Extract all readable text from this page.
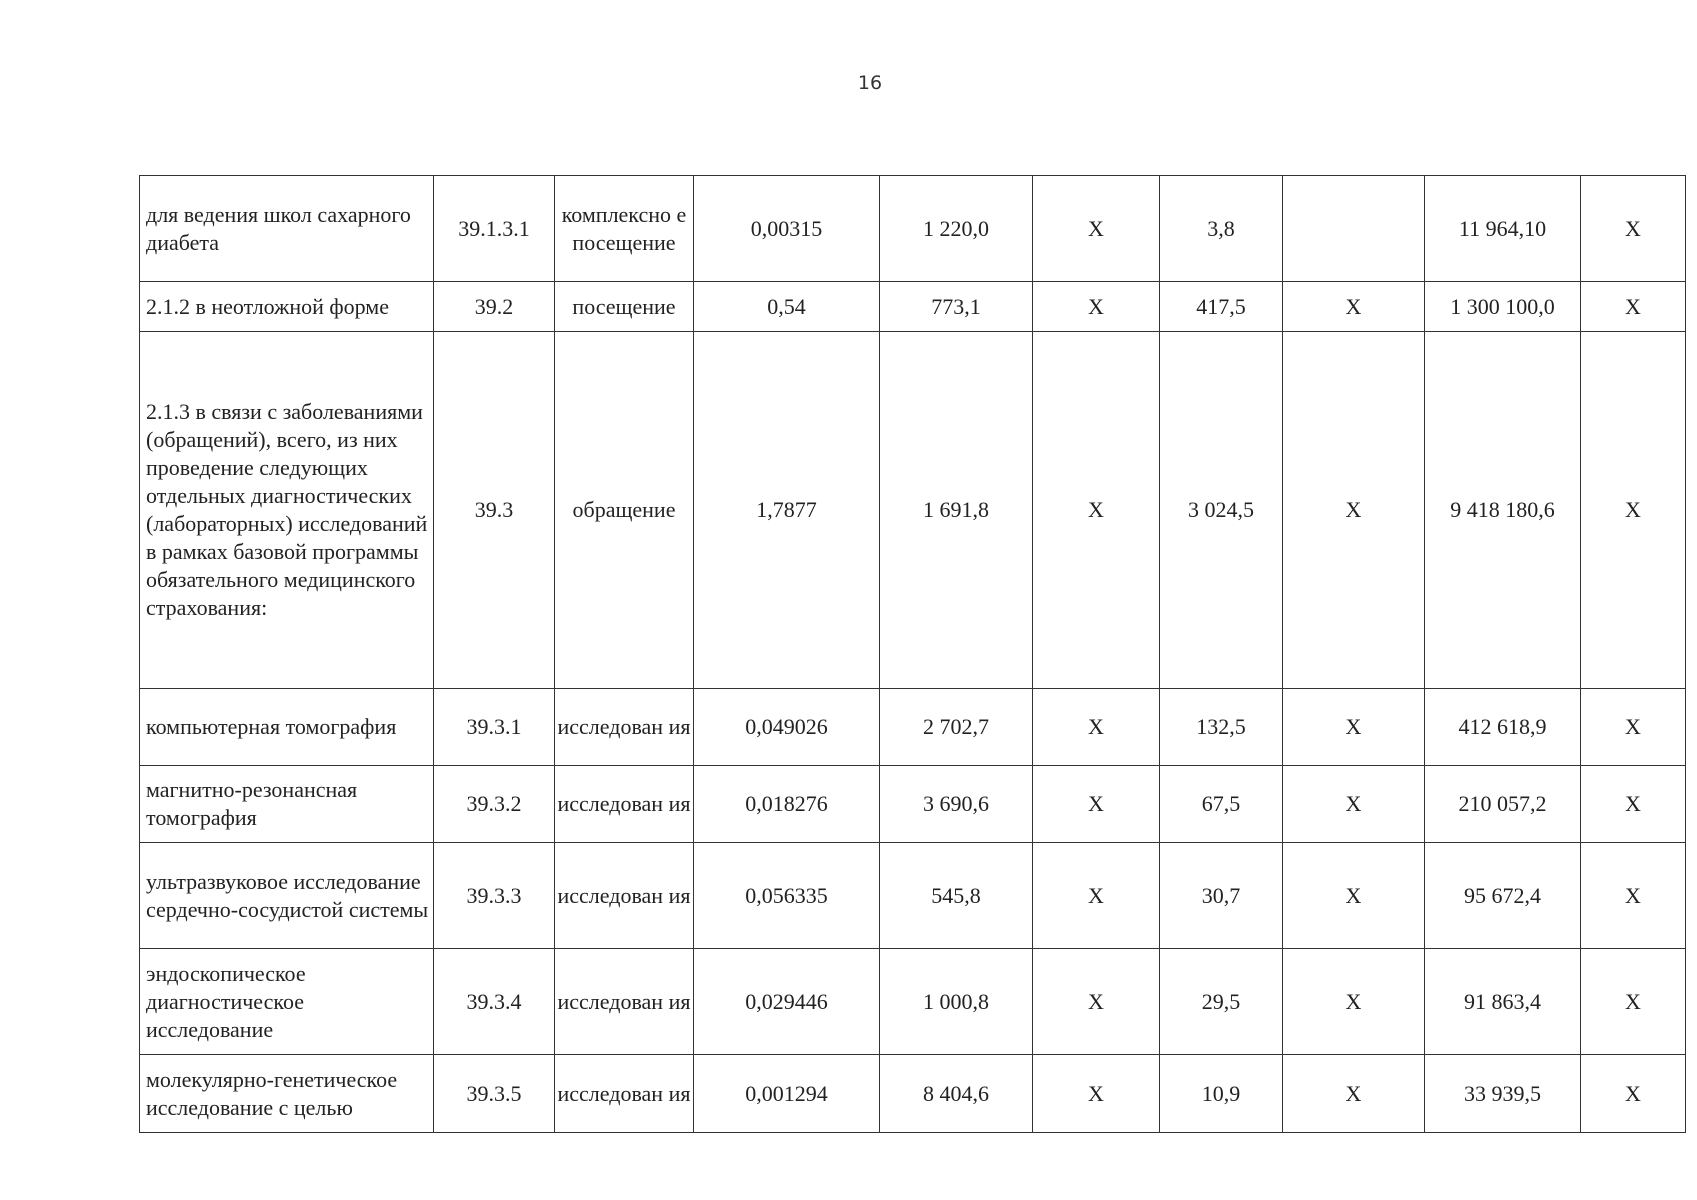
16
для ведения школ сахарного диабета	39.1.3.1	комплексно е посещение	0,00315	1 220,0	X	3,8		11 964,10	X
2.1.2 в неотложной форме	39.2	посещение	0,54	773,1	X	417,5	X	1 300 100,0	X
2.1.3 в связи с заболеваниями (обращений), всего, из них проведение следующих отдельных диагностических (лабораторных) исследований в рамках базовой программы обязательного медицинского страхования:	39.3	обращение	1,7877	1 691,8	X	3 024,5	X	9 418 180,6	X
компьютерная томография	39.3.1	исследован ия	0,049026	2 702,7	X	132,5	X	412 618,9	X
магнитно-резонансная томография	39.3.2	исследован ия	0,018276	3 690,6	X	67,5	X	210 057,2	X
ультразвуковое исследование сердечно-сосудистой системы	39.3.3	исследован ия	0,056335	545,8	X	30,7	X	95 672,4	X
эндоскопическое диагностическое исследование	39.3.4	исследован ия	0,029446	1 000,8	X	29,5	X	91 863,4	X
молекулярно-генетическое исследование с целью	39.3.5	исследован ия	0,001294	8 404,6	X	10,9	X	33 939,5	X
